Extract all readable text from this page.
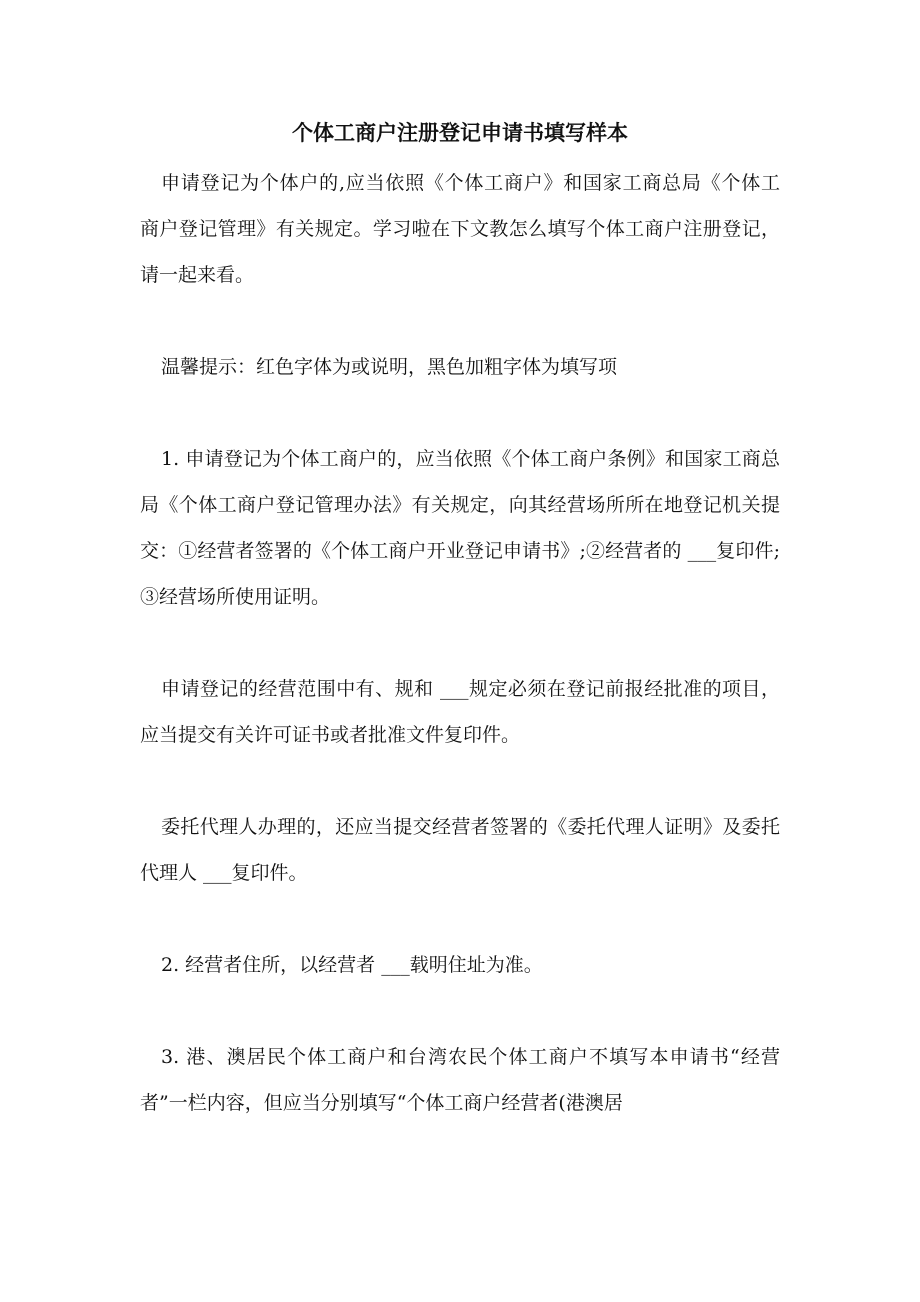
个体工商户注册登记申请书填写样本

申请登记为个体户的,应当依照《个体工商户》和国家工商总局《个体工 商户登记管理》有关规定。学习啦在下文教怎么填写个体工商户注册登记，请一起来看。

温馨提示：红色字体为或说明，黑色加粗字体为填写项

1. 申请登记为个体工商户的，应当依照《个体工商户条例》和国家工商总局《个体工商户登记管理办法》有关规定，向其经营场所所在地登记机关提交：①经营者签署的《个体工商户开业登记申请书》;②经营者的 ___复印件;③经营场所使用证明。

申请登记的经营范围中有、规和 ___规定必须在登记前报经批准的项目，应当提交有关许可证书或者批准文件复印件。

委托代理人办理的，还应当提交经营者签署的《委托代理人证明》及委托代理人 ___复印件。

2. 经营者住所，以经营者 ___载明住址为准。

3. 港、澳居民个体工商户和台湾农民个体工商户不填写本申请书“经营者”一栏内容，但应当分别填写“个体工商户经营者(港澳居
